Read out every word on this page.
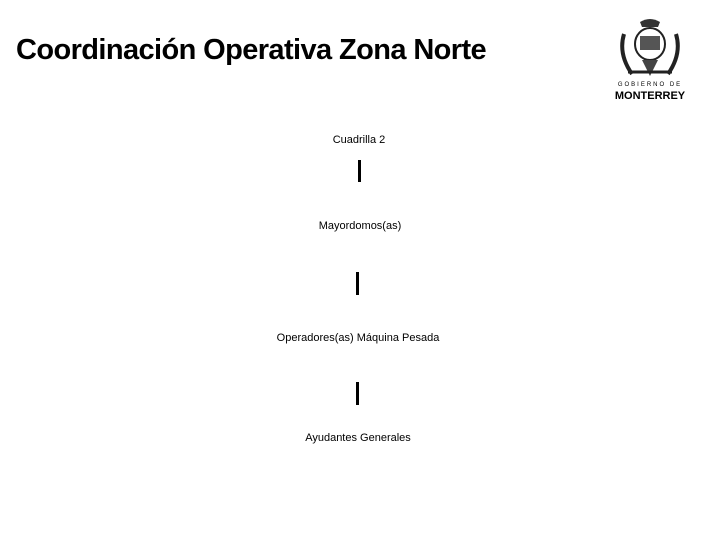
Coordinación Operativa Zona Norte
GOBIERNO DE
MONTERREY
Cuadrilla 2
Mayordomos(as)
Operadores(as) Máquina Pesada
Ayudantes Generales
